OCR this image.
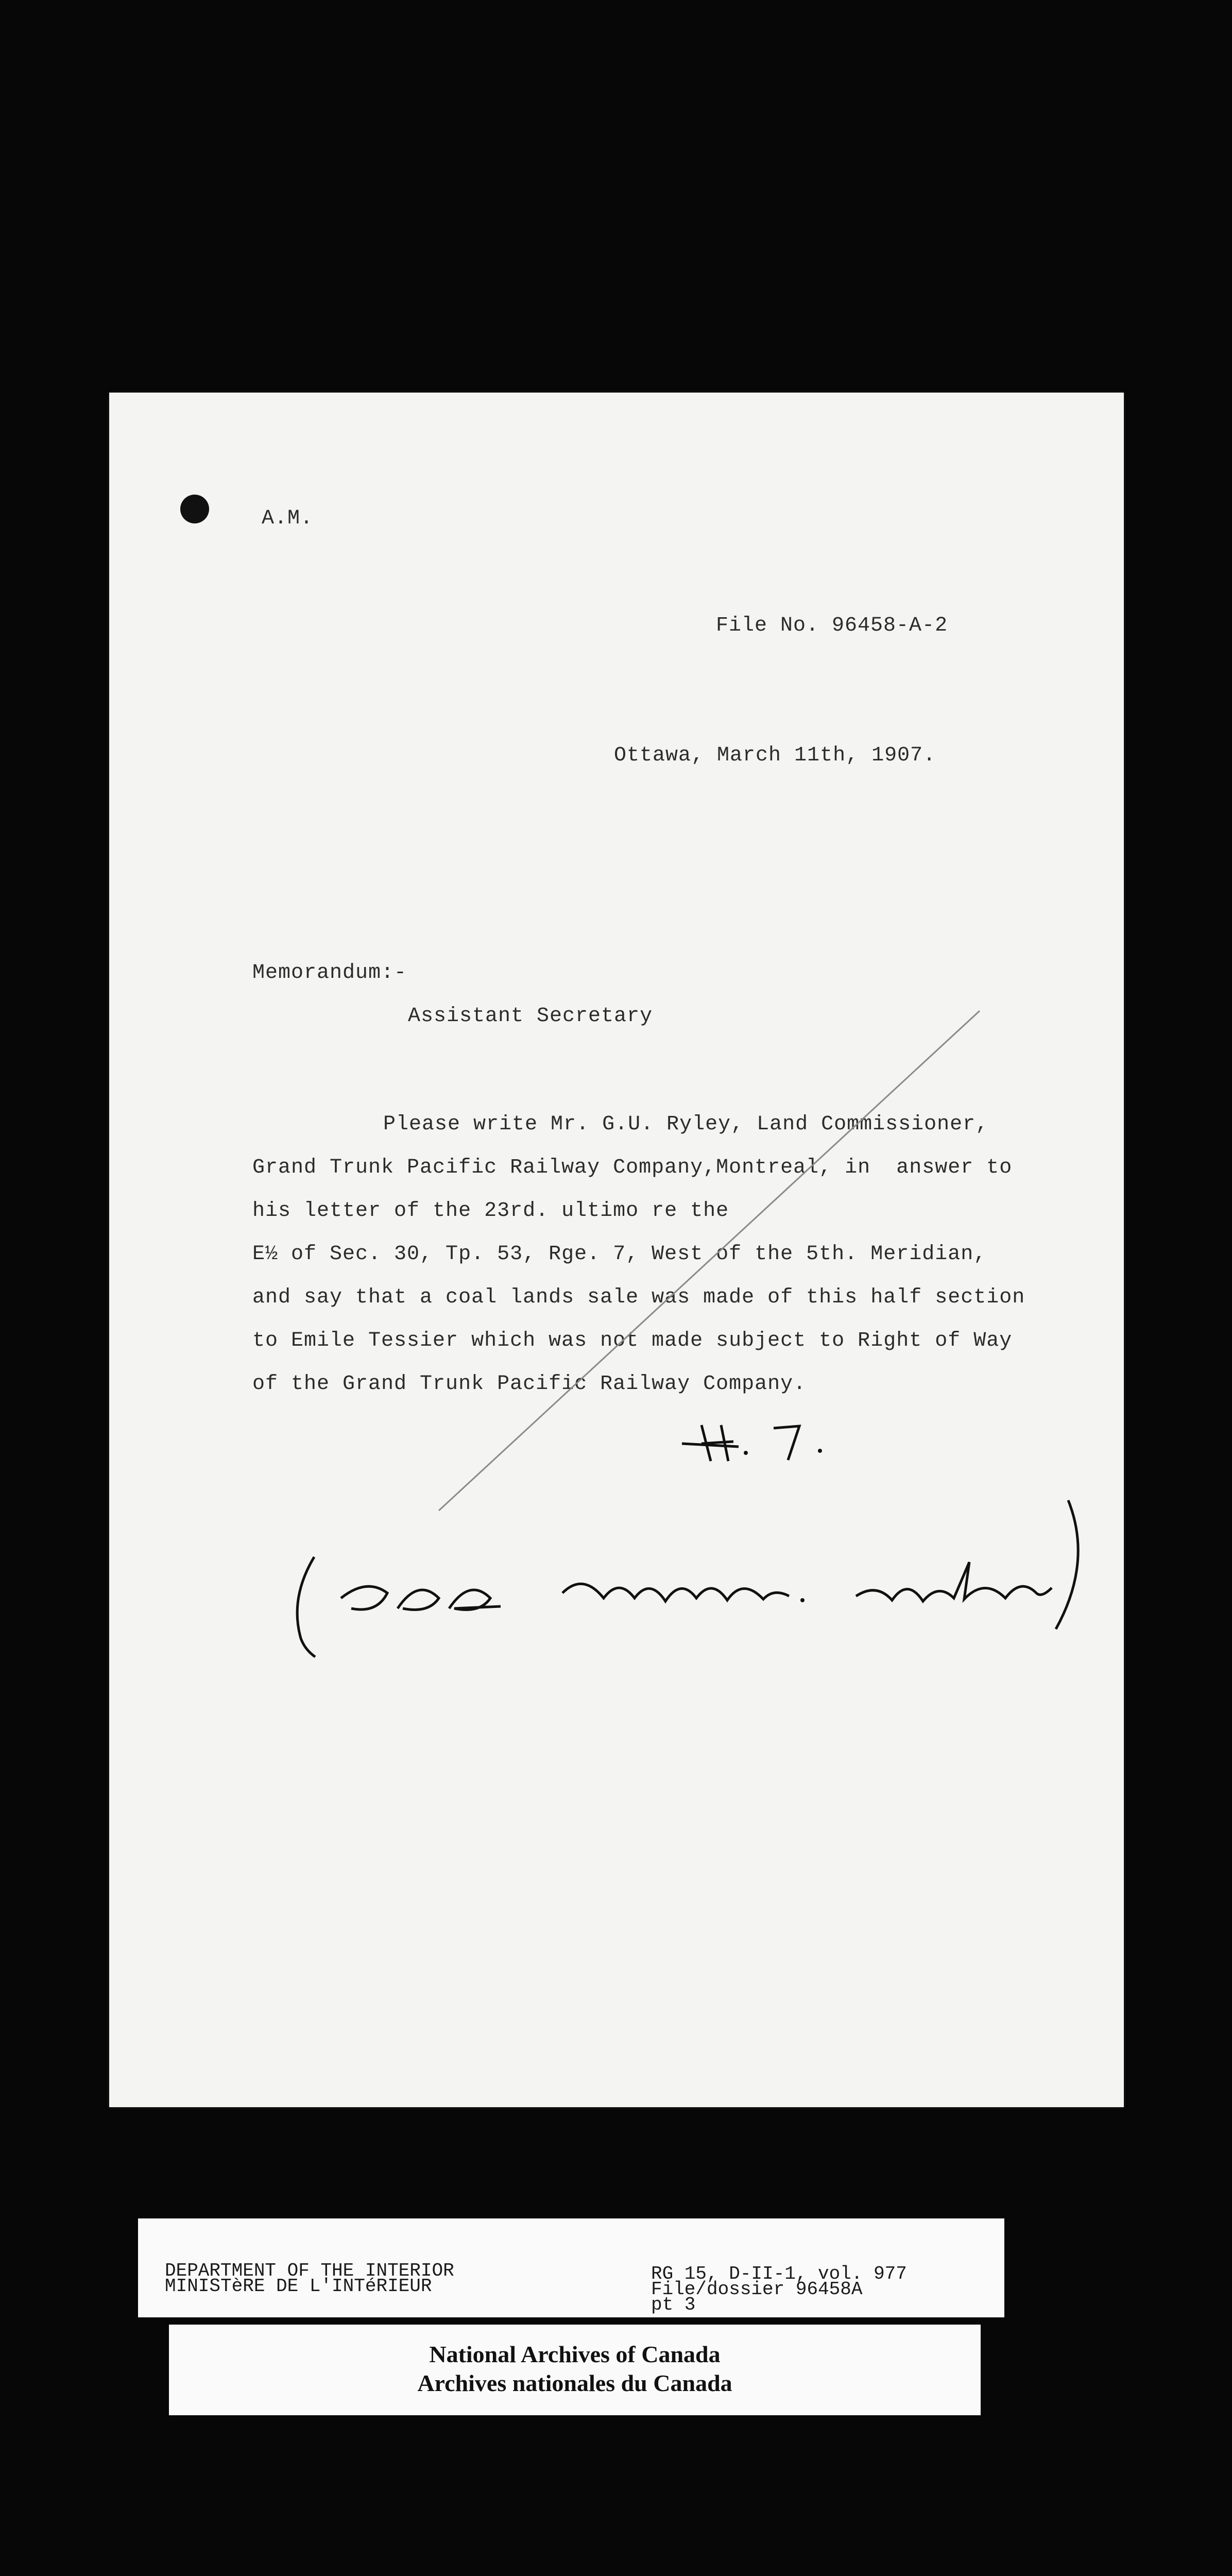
A.M.
File No. 96458-A-2
Ottawa, March 11th, 1907.
Memorandum:-
Assistant Secretary
Please write Mr. G.U. Ryley, Land Commissioner,
Grand Trunk Pacific Railway Company,Montreal, in  answer to
his letter of the 23rd. ultimo re the
E½ of Sec. 30, Tp. 53, Rge. 7, West of the 5th. Meridian,
and say that a coal lands sale was made of this half section
to Emile Tessier which was not made subject to Right of Way
of the Grand Trunk Pacific Railway Company.
H. T.
(see memo. under)
DEPARTMENT OF THE INTERIOR
MINISTèRE DE L'INTéRIEUR
RG 15, D-II-1, vol. 977
File/dossier 96458A
pt 3
National Archives of Canada
Archives nationales du Canada
